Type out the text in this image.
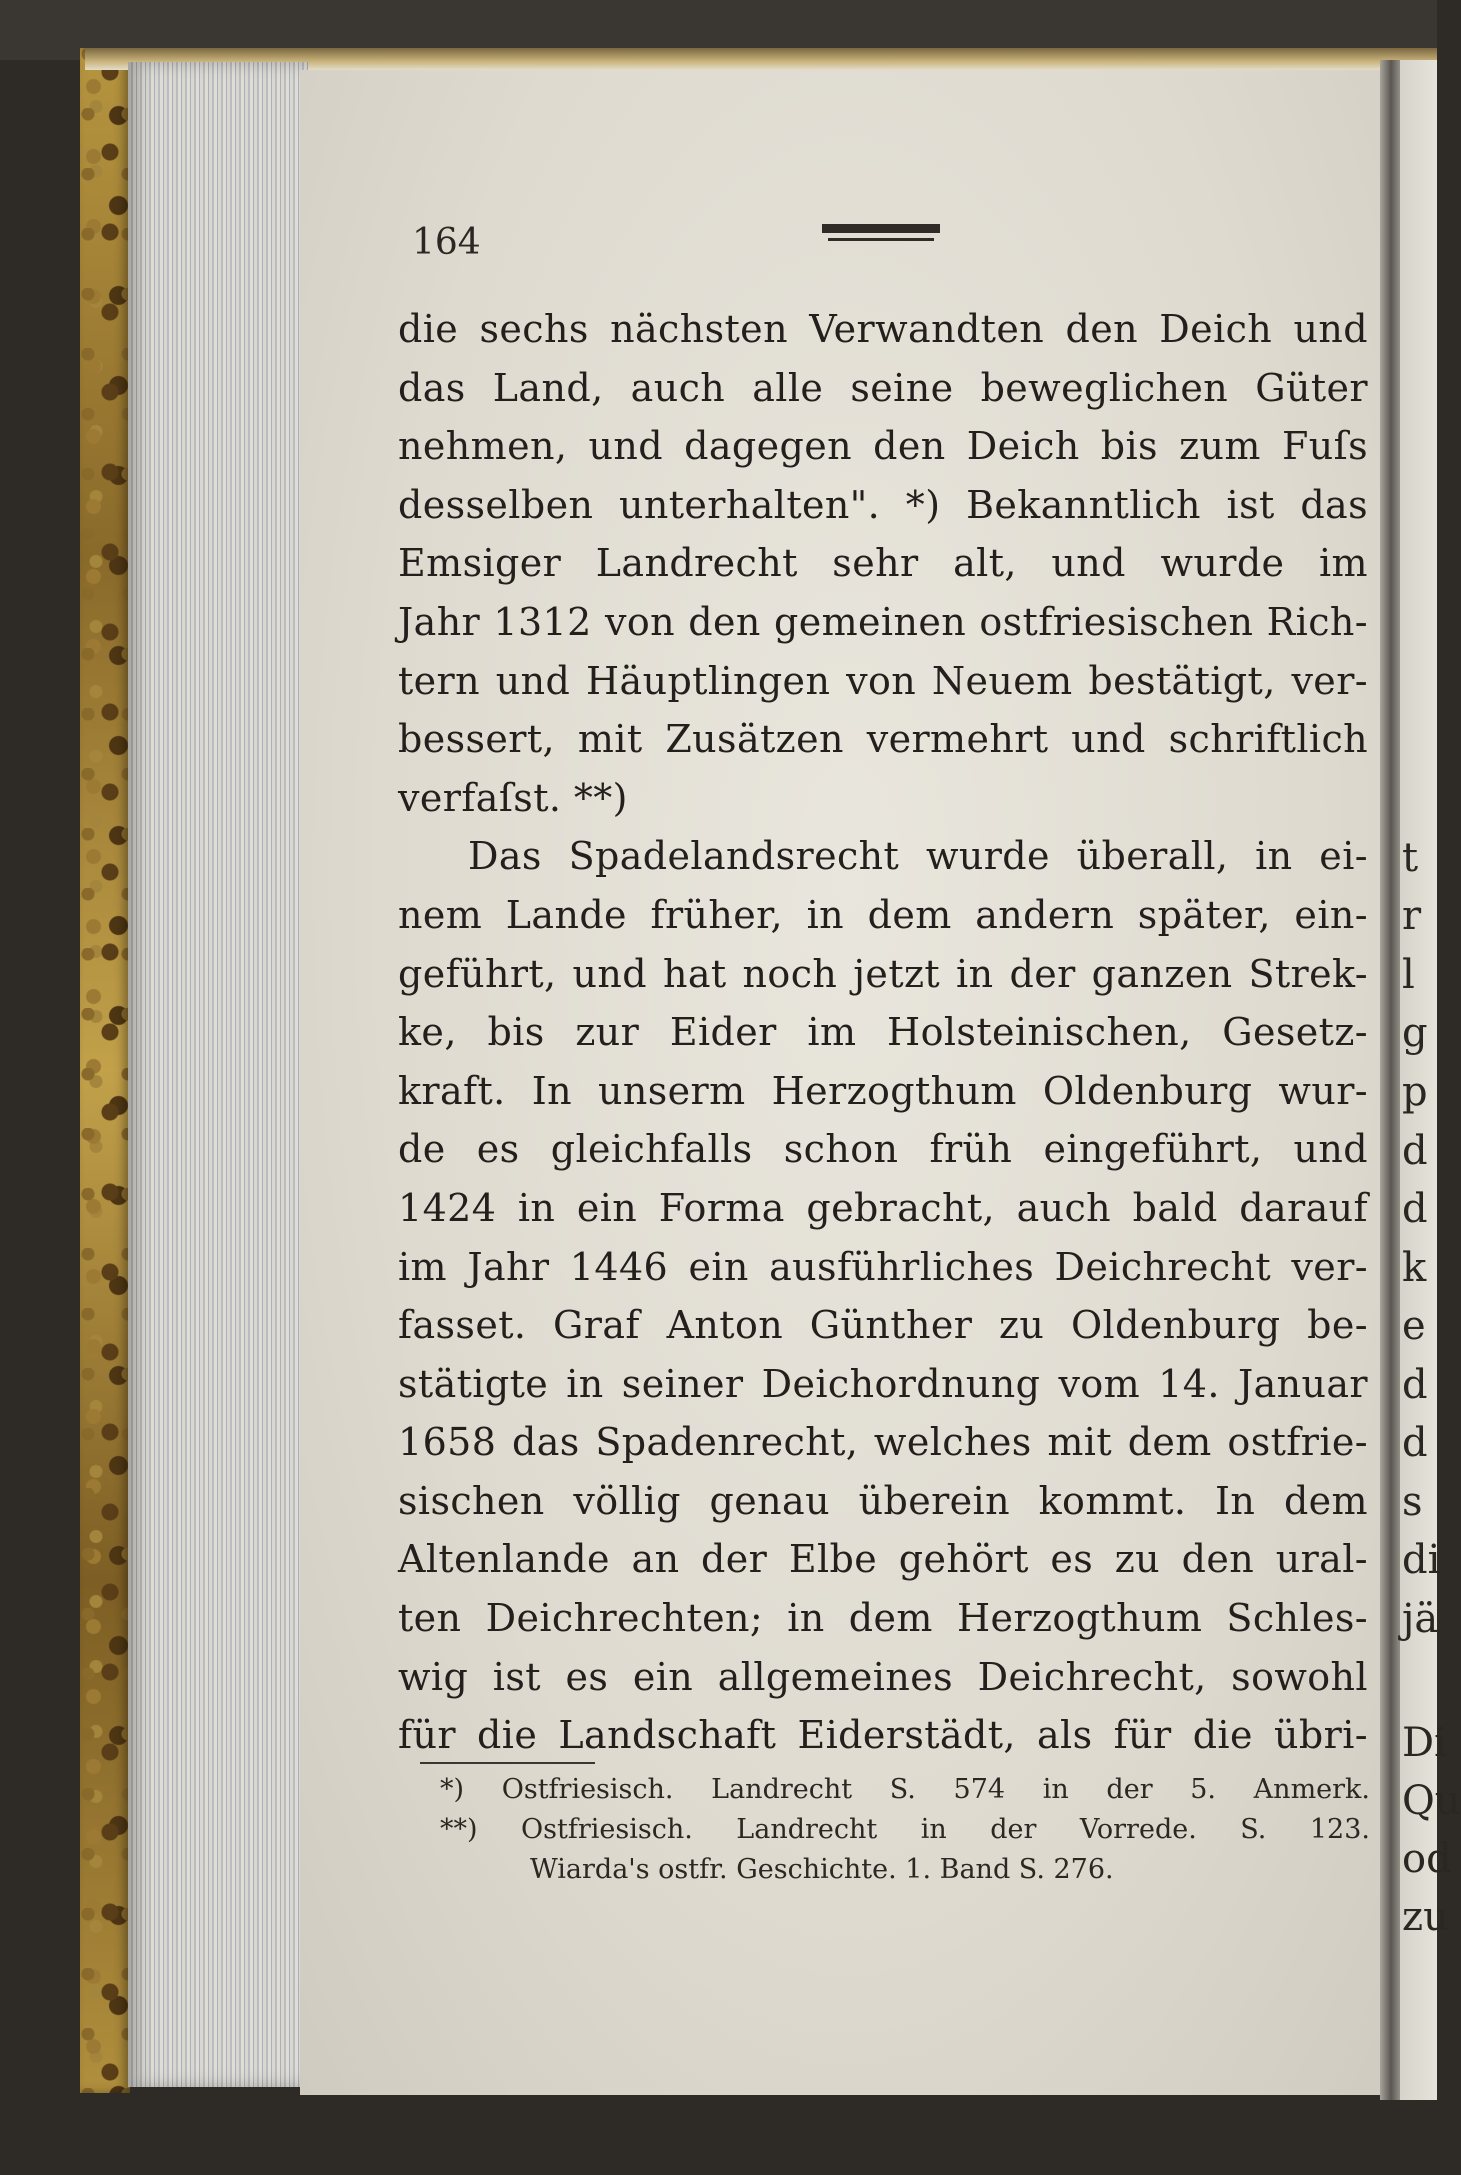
164
die sechs nächsten Verwandten den Deich und
das Land, auch alle seine beweglichen Güter
nehmen, und dagegen den Deich bis zum Fuſs
desselben unterhalten". *) Bekanntlich ist das
Emsiger Landrecht sehr alt, und wurde im
Jahr 1312 von den gemeinen ostfriesischen Rich-
tern und Häuptlingen von Neuem bestätigt, ver-
bessert, mit Zusätzen vermehrt und schriftlich
verfaſst. **)
Das Spadelandsrecht wurde überall, in ei-
nem Lande früher, in dem andern später, ein-
geführt, und hat noch jetzt in der ganzen Strek-
ke, bis zur Eider im Holsteinischen, Gesetz-
kraft. In unserm Herzogthum Oldenburg wur-
de es gleichfalls schon früh eingeführt, und
1424 in ein Forma gebracht, auch bald darauf
im Jahr 1446 ein ausführliches Deichrecht ver-
fasset. Graf Anton Günther zu Oldenburg be-
stätigte in seiner Deichordnung vom 14. Januar
1658 das Spadenrecht, welches mit dem ostfrie-
sischen völlig genau überein kommt. In dem
Altenlande an der Elbe gehört es zu den ural-
ten Deichrechten; in dem Herzogthum Schles-
wig ist es ein allgemeines Deichrecht, sowohl
für die Landschaft Eiderstädt, als für die übri-
*) Ostfriesisch. Landrecht S. 574 in der 5. Anmerk.
**) Ostfriesisch. Landrecht in der Vorrede. S. 123.
Wiarda's ostfr. Geschichte. 1. Band S. 276.
t
r
l
g
p
d
d
k
e
d
d
s
di
jä
Di
Qu
od
zu
